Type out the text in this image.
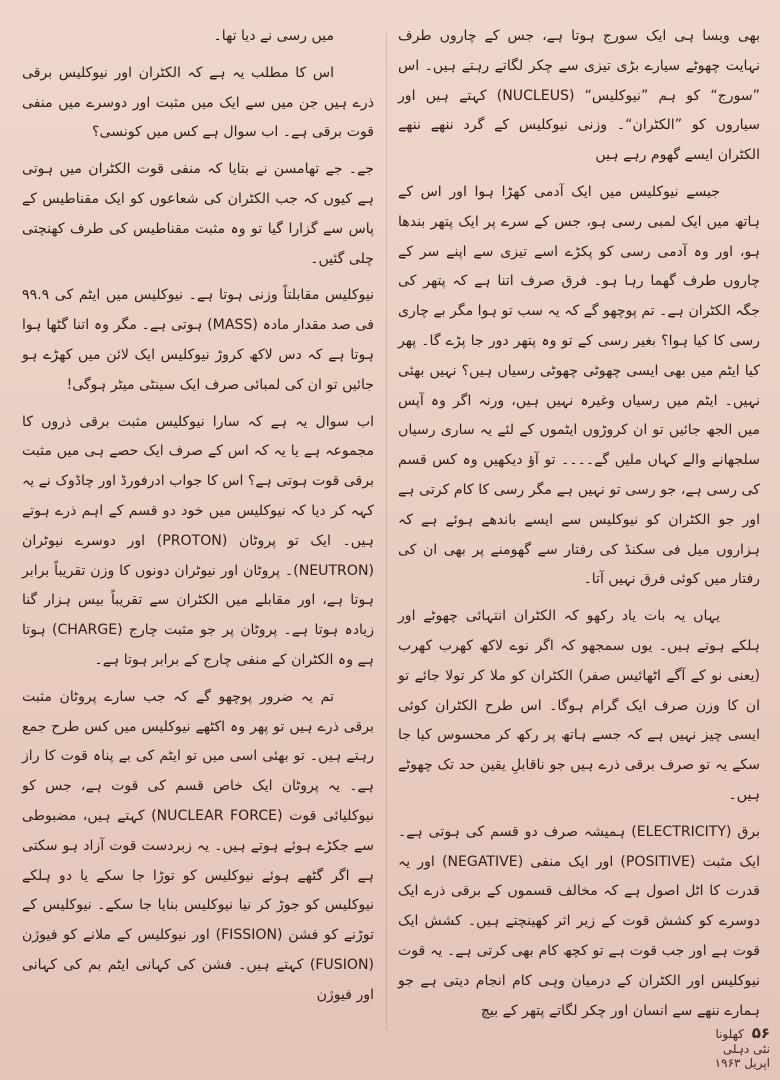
بھی ویسا ہی ایک سورج ہوتا ہے، جس کے چاروں طرف نہایت چھوٹے سیارے بڑی تیزی سے چکر لگاتے رہتے ہیں۔ اس ”سورج“ کو ہم ”نیوکلیس“ (NUCLEUS) کہتے ہیں اور سیاروں کو ”الکٹران“۔ وزنی نیوکلیس کے گرد ننھے ننھے الکٹران ایسے گھوم رہے ہیں

جیسے نیوکلیس میں ایک آدمی کھڑا ہوا اور اس کے ہاتھ میں ایک لمبی رسی ہو، جس کے سرے پر ایک پتھر بندھا ہو، اور وہ آدمی رسی کو پکڑے اسے تیزی سے اپنے سر کے چاروں طرف گھما رہا ہو۔ فرق صرف اتنا ہے کہ پتھر کی جگہ الکٹران ہے۔ تم پوچھو گے کہ یہ سب تو ہوا مگر بے چاری رسی کا کیا ہوا؟ بغیر رسی کے تو وہ پتھر دور جا پڑے گا۔ پھر کیا ایٹم میں بھی ایسی چھوٹی چھوٹی رسیاں ہیں؟ نہیں بھئی نہیں۔ ایٹم میں رسیاں وغیرہ نہیں ہیں، ورنہ اگر وہ آپس میں الجھ جائیں تو ان کروڑوں ایٹموں کے لئے یہ ساری رسیاں سلجھانے والے کہاں ملیں گے۔۔۔۔ تو آؤ دیکھیں وہ کس قسم کی رسی ہے، جو رسی تو نہیں ہے مگر رسی کا کام کرتی ہے اور جو الکٹران کو نیوکلیس سے ایسے باندھے ہوئے ہے کہ ہزاروں میل فی سکنڈ کی رفتار سے گھومنے پر بھی ان کی رفتار میں کوئی فرق نہیں آتا۔

یہاں یہ بات یاد رکھو کہ الکٹران انتہائی چھوٹے اور ہلکے ہوتے ہیں۔ یوں سمجھو کہ اگر نوے لاکھ کھرب کھرب (یعنی نو کے آگے اٹھائیس صفر) الکٹران کو ملا کر تولا جائے تو ان کا وزن صرف ایک گرام ہوگا۔ اس طرح الکٹران کوئی ایسی چیز نہیں ہے کہ جسے ہاتھ پر رکھ کر محسوس کیا جا سکے یہ تو صرف برقی ذرے ہیں جو ناقابلِ یقین حد تک چھوٹے ہیں۔

برق (ELECTRICITY) ہمیشہ صرف دو قسم کی ہوتی ہے۔ ایک مثبت (POSITIVE) اور ایک منفی (NEGATIVE) اور یہ قدرت کا اٹل اصول ہے کہ مخالف قسموں کے برقی ذرے ایک دوسرے کو کشش قوت کے زیر اثر کھینچتے ہیں۔ کشش ایک قوت ہے اور جب قوت ہے تو کچھ کام بھی کرتی ہے۔ یہ قوت نیوکلیس اور الکٹران کے درمیان وہی کام انجام دیتی ہے جو ہمارے ننھے سے انسان اور چکر لگاتے پتھر کے بیچ

میں رسی نے دیا تھا۔

اس کا مطلب یہ ہے کہ الکٹران اور نیوکلیس برقی ذرے ہیں جن میں سے ایک میں مثبت اور دوسرے میں منفی قوت برقی ہے۔ اب سوال ہے کس میں کونسی؟

جے۔ جے تھامسن نے بتایا کہ منفی قوت الکٹران میں ہوتی ہے کیوں کہ جب الکٹران کی شعاعوں کو ایک مقناطیس کے پاس سے گزارا گیا تو وہ مثبت مقناطیس کی طرف کھنچتی چلی گئیں۔

نیوکلیس مقابلتاً وزنی ہوتا ہے۔ نیوکلیس میں ایٹم کی ۹۹.۹ فی صد مقدار مادہ (MASS) ہوتی ہے۔ مگر وہ اتنا گٹھا ہوا ہوتا ہے کہ دس لاکھ کروڑ نیوکلیس ایک لائن میں کھڑے ہو جائیں تو ان کی لمبائی صرف ایک سینٹی میٹر ہوگی!

اب سوال یہ ہے کہ سارا نیوکلیس مثبت برقی ذروں کا مجموعہ ہے یا یہ کہ اس کے صرف ایک حصے ہی میں مثبت برقی قوت ہوتی ہے؟ اس کا جواب ادرفورڈ اور چاڈوک نے یہ کہہ کر دیا کہ نیوکلیس میں خود دو قسم کے اہم ذرے ہوتے ہیں۔ ایک تو پروٹان (PROTON) اور دوسرے نیوٹران (NEUTRON)۔ پروٹان اور نیوٹران دونوں کا وزن تقریباً برابر ہوتا ہے، اور مقابلے میں الکٹران سے تقریباً بیس ہزار گنا زیادہ ہوتا ہے۔ پروٹان پر جو مثبت چارج (CHARGE) ہوتا ہے وہ الکٹران کے منفی چارج کے برابر ہوتا ہے۔

تم یہ ضرور پوچھو گے کہ جب سارے پروٹان مثبت برقی ذرے ہیں تو پھر وہ اکٹھے نیوکلیس میں کس طرح جمع رہتے ہیں۔ تو بھئی اسی میں تو ایٹم کی بے پناہ قوت کا راز ہے۔ یہ پروٹان ایک خاص قسم کی قوت ہے، جس کو نیوکلیائی قوت (NUCLEAR FORCE) کہتے ہیں، مضبوطی سے جکڑے ہوئے ہوتے ہیں۔ یہ زبردست قوت آزاد ہو سکتی ہے اگر گٹھے ہوئے نیوکلیس کو توڑا جا سکے یا دو ہلکے نیوکلیس کو جوڑ کر نیا نیوکلیس بنایا جا سکے۔ نیوکلیس کے توڑنے کو فشن (FISSION) اور نیوکلیس کے ملانے کو فیوژن (FUSION) کہتے ہیں۔ فشن کی کہانی ایٹم بم کی کہانی اور فیوژن

۵۶ کھلونا نئی دہلی اپریل ۱۹۶۳
